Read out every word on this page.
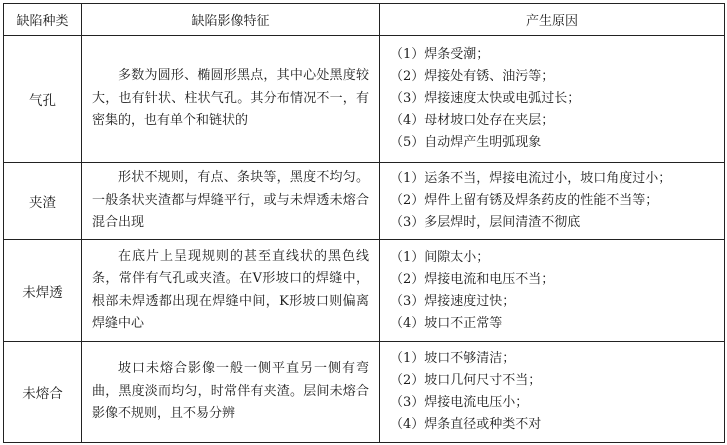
缺陷种类	缺陷影像特征	产生原因
气孔	多数为圆形、椭圆形黑点，其中心处黑度较大，也有针状、柱状气孔。其分布情况不一，有密集的，也有单个和链状的	（1）焊条受潮；
（2）焊接处有锈、油污等；
（3）焊接速度太快或电弧过长；
（4）母材坡口处存在夹层；
（5）自动焊产生明弧现象

夹渣	形状不规则，有点、条块等，黑度不均匀。一般条状夹渣都与焊缝平行，或与未焊透未熔合混合出现	（1）运条不当，焊接电流过小，坡口角度过小；
（2）焊件上留有锈及焊条药皮的性能不当等；
（3）多层焊时，层间清渣不彻底

未焊透	在底片上呈现规则的甚至直线状的黑色线条，常伴有气孔或夹渣。在V形坡口的焊缝中，根部未焊透都出现在焊缝中间，K形坡口则偏离焊缝中心	（1）间隙太小；
（2）焊接电流和电压不当；
（3）焊接速度过快；
（4）坡口不正常等

未熔合	坡口未熔合影像一般一侧平直另一侧有弯曲，黑度淡而均匀，时常伴有夹渣。层间未熔合影像不规则，且不易分辨	（1）坡口不够清洁；
（2）坡口几何尺寸不当；
（3）焊接电流电压小；
（4）焊条直径或种类不对
